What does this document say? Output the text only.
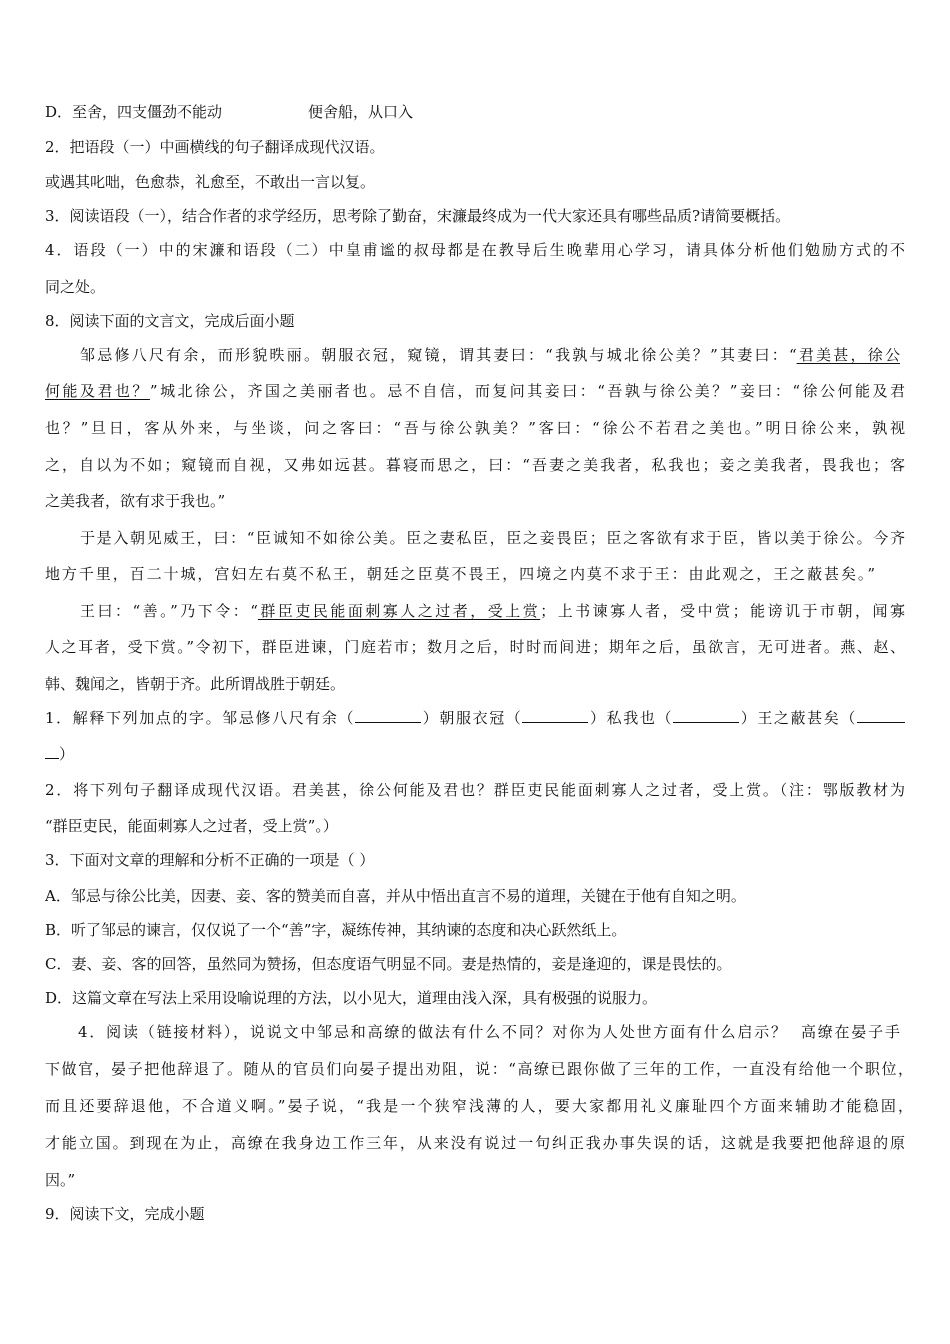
D．至舍，四支僵劲不能动	便舍船，从口入
2．把语段（一）中画横线的句子翻译成现代汉语。
或遇其叱咄，色愈恭，礼愈至，不敢出一言以复。
3．阅读语段（一），结合作者的求学经历，思考除了勤奋，宋濂最终成为一代大家还具有哪些品质?请简要概括。
4．语段（一）中的宋濂和语段（二）中皇甫谧的叔母都是在教导后生晚辈用心学习，请具体分析他们勉励方式的不
同之处。
8．阅读下面的文言文，完成后面小题
邹忌修八尺有余，而形貌昳丽。朝服衣冠，窥镜，谓其妻曰：“我孰与城北徐公美？”其妻曰：“君美甚，徐公
何能及君也？”城北徐公，齐国之美丽者也。忌不自信，而复问其妾曰：“吾孰与徐公美？”妾曰：“徐公何能及君
也？”旦日，客从外来，与坐谈，问之客曰：“吾与徐公孰美？”客曰：“徐公不若君之美也。”明日徐公来，孰视
之，自以为不如；窥镜而自视，又弗如远甚。暮寝而思之，曰：“吾妻之美我者，私我也；妾之美我者，畏我也；客
之美我者，欲有求于我也。”
于是入朝见威王，曰：“臣诚知不如徐公美。臣之妻私臣，臣之妾畏臣；臣之客欲有求于臣，皆以美于徐公。今齐
地方千里，百二十城，宫妇左右莫不私王，朝廷之臣莫不畏王，四境之内莫不求于王：由此观之，王之蔽甚矣。”
王曰：“善。”乃下令：“群臣吏民能面刺寡人之过者，受上赏；上书谏寡人者，受中赏；能谤讥于市朝，闻寡
人之耳者，受下赏。”令初下，群臣进谏，门庭若市；数月之后，时时而间进；期年之后，虽欲言，无可进者。燕、赵、
韩、魏闻之，皆朝于齐。此所谓战胜于朝廷。
1．解释下列加点的字。邹忌修八尺有余（	）朝服衣冠（	）私我也（	）王之蔽甚矣（
）
2．将下列句子翻译成现代汉语。君美甚，徐公何能及君也？群臣吏民能面刺寡人之过者，受上赏。（注：鄂版教材为
“群臣吏民，能面刺寡人之过者，受上赏”。）
3．下面对文章的理解和分析不正确的一项是（ ）
A．邹忌与徐公比美，因妻、妾、客的赞美而自喜，并从中悟出直言不易的道理，关键在于他有自知之明。
B．听了邹忌的谏言，仅仅说了一个“善”字，凝练传神，其纳谏的态度和决心跃然纸上。
C．妻、妾、客的回答，虽然同为赞扬，但态度语气明显不同。妻是热情的，妾是逢迎的，课是畏怯的。
D．这篇文章在写法上采用设喻说理的方法，以小见大，道理由浅入深，具有极强的说服力。
4．阅读（链接材料），说说文中邹忌和高缭的做法有什么不同？对你为人处世方面有什么启示？ 高缭在晏子手
下做官，晏子把他辞退了。随从的官员们向晏子提出劝阻，说：“高缭已跟你做了三年的工作，一直没有给他一个职位，
而且还要辞退他，不合道义啊。”晏子说，“我是一个狭窄浅薄的人，要大家都用礼义廉耻四个方面来辅助才能稳固，
才能立国。到现在为止，高缭在我身边工作三年，从来没有说过一句纠正我办事失误的话，这就是我要把他辞退的原
因。”
9．阅读下文，完成小题
